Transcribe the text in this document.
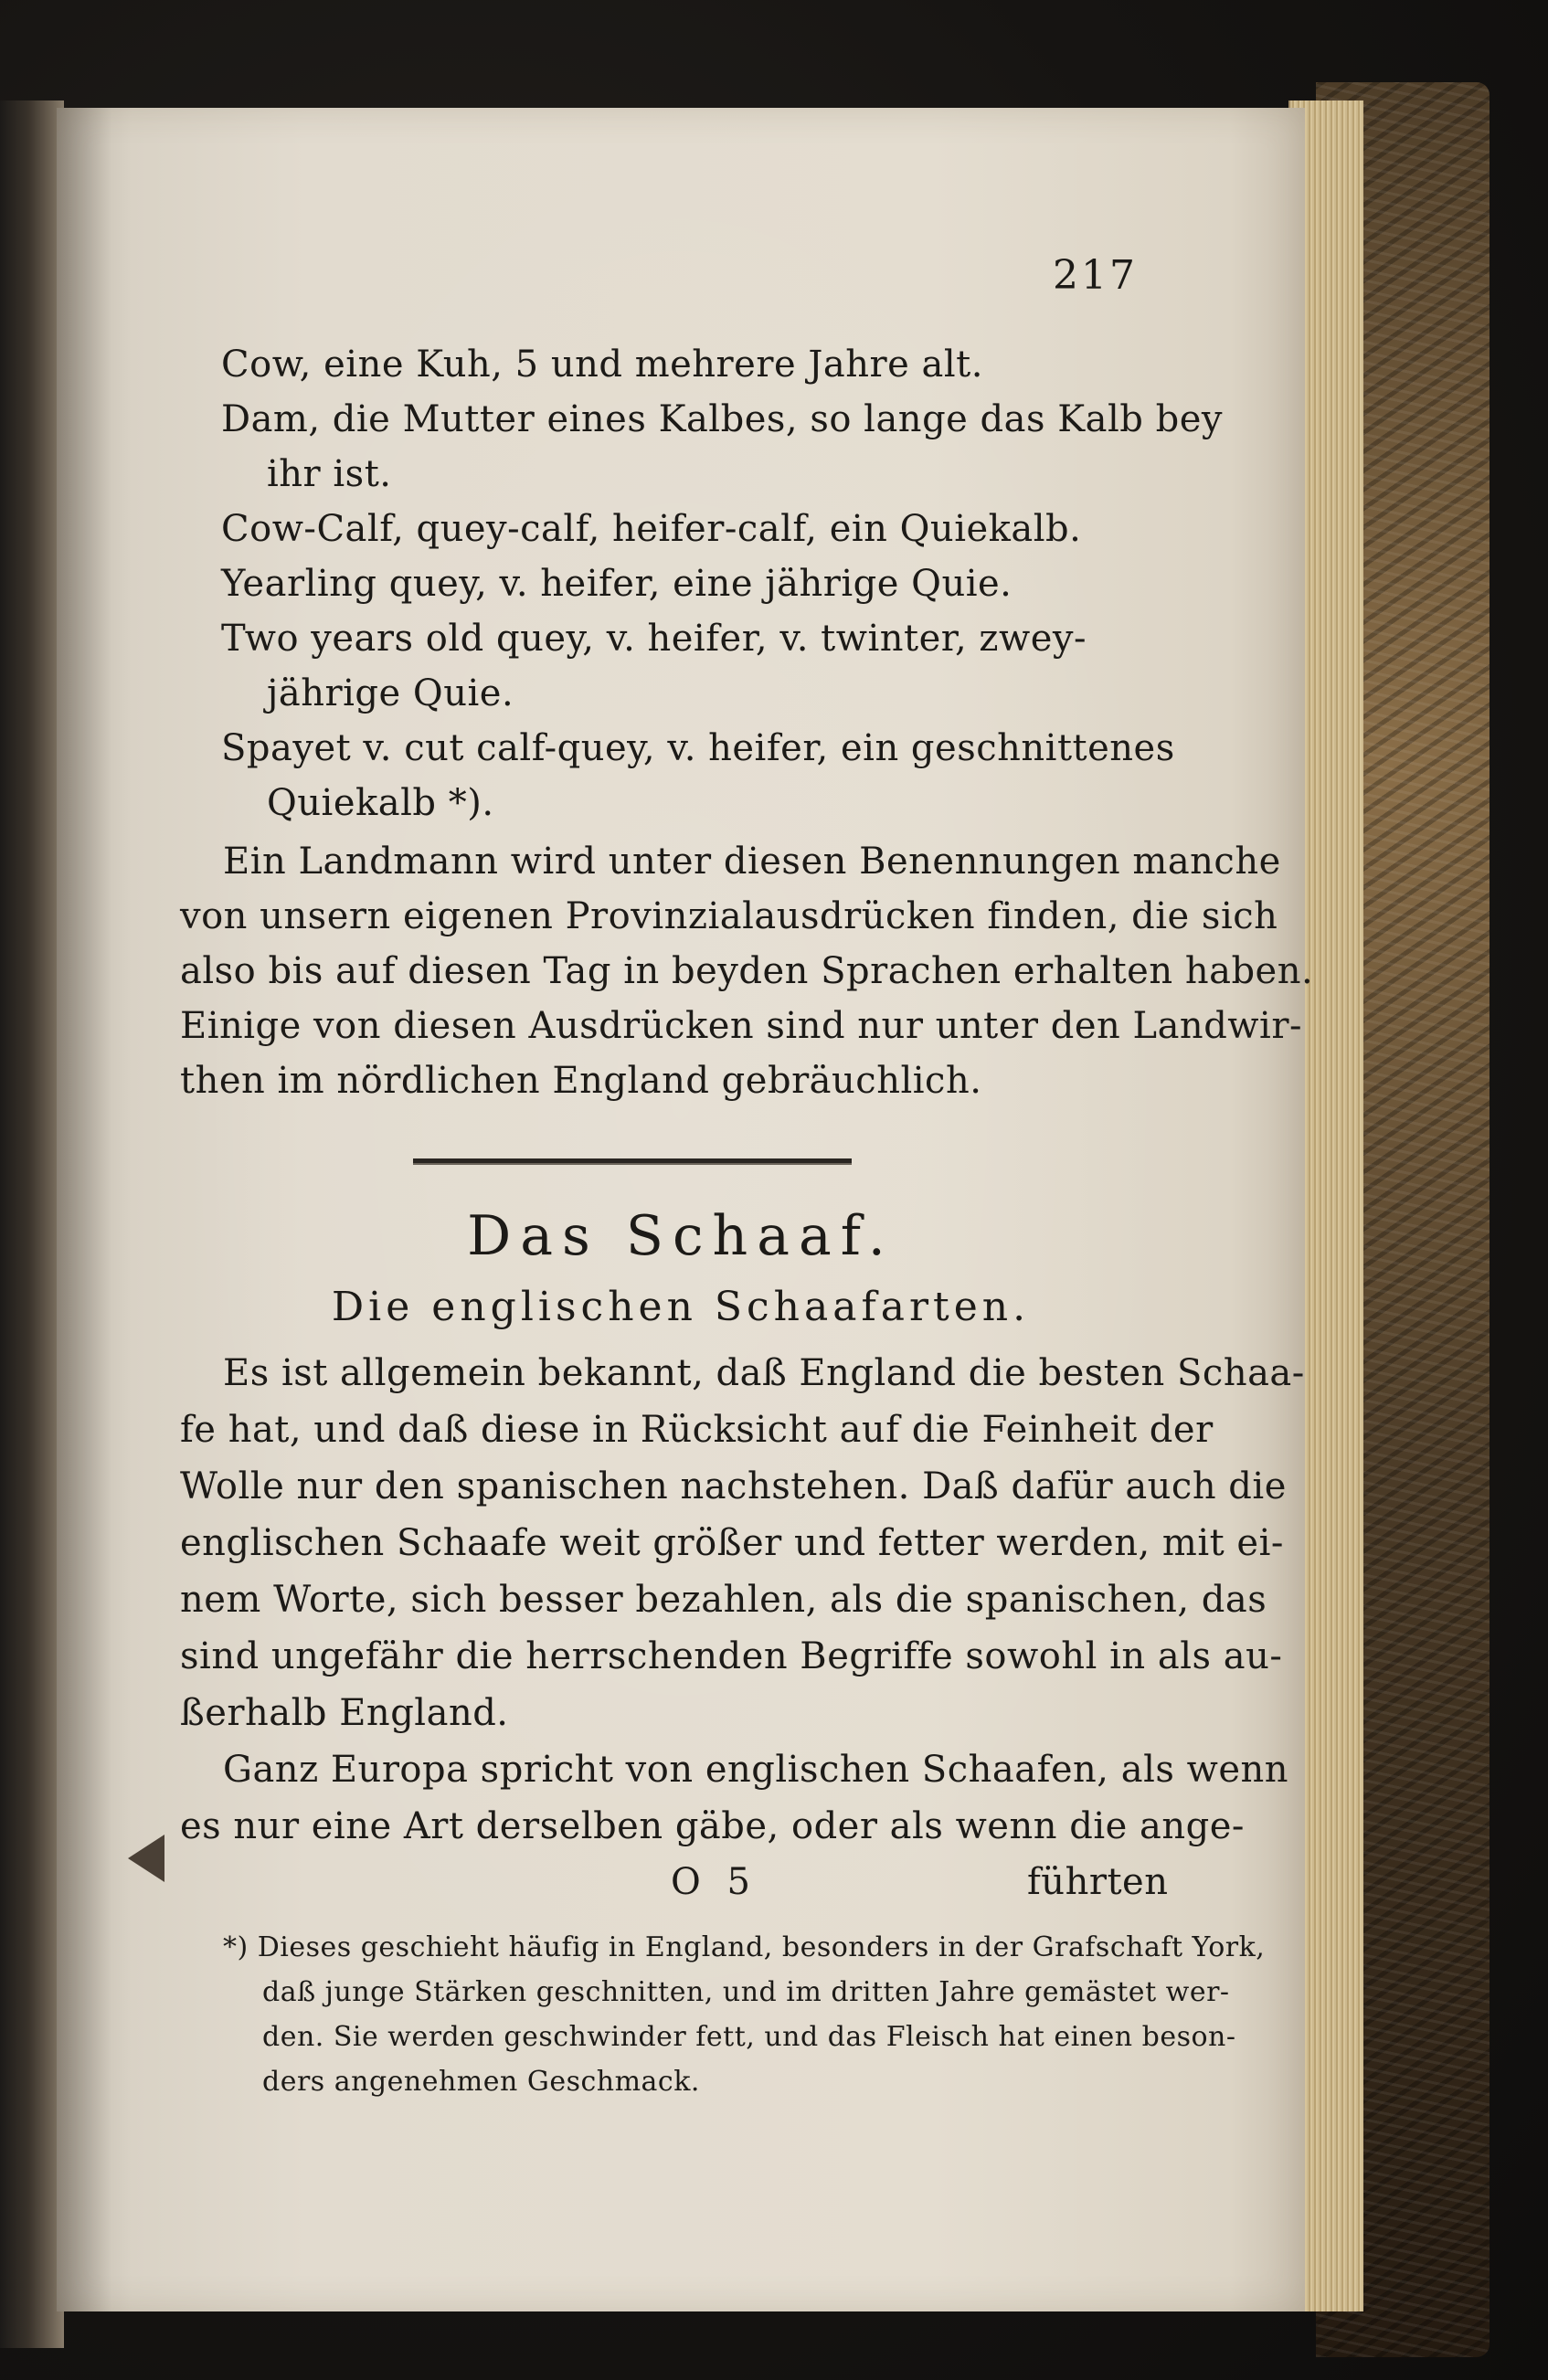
217
Cow, eine Kuh, 5 und mehrere Jahre alt.
Dam, die Mutter eines Kalbes, so lange das Kalb bey
ihr ist.
Cow-Calf, quey-calf, heifer-calf, ein Quiekalb.
Yearling quey, v. heifer, eine jährige Quie.
Two years old quey, v. heifer, v. twinter, zwey-
jährige Quie.
Spayet v. cut calf-quey, v. heifer, ein geschnittenes
Quiekalb *).
Ein Landmann wird unter diesen Benennungen manche
von unsern eigenen Provinzialausdrücken finden, die sich
also bis auf diesen Tag in beyden Sprachen erhalten haben.
Einige von diesen Ausdrücken sind nur unter den Landwir-
then im nördlichen England gebräuchlich.
Das Schaaf.
Die englischen Schaafarten.
Es ist allgemein bekannt, daß England die besten Schaa-
fe hat, und daß diese in Rücksicht auf die Feinheit der
Wolle nur den spanischen nachstehen. Daß dafür auch die
englischen Schaafe weit größer und fetter werden, mit ei-
nem Worte, sich besser bezahlen, als die spanischen, das
sind ungefähr die herrschenden Begriffe sowohl in als au-
ßerhalb England.
Ganz Europa spricht von englischen Schaafen, als wenn
es nur eine Art derselben gäbe, oder als wenn die ange-
O 5	führten
*) Dieses geschieht häufig in England, besonders in der Grafschaft York,
daß junge Stärken geschnitten, und im dritten Jahre gemästet wer-
den. Sie werden geschwinder fett, und das Fleisch hat einen beson-
ders angenehmen Geschmack.
